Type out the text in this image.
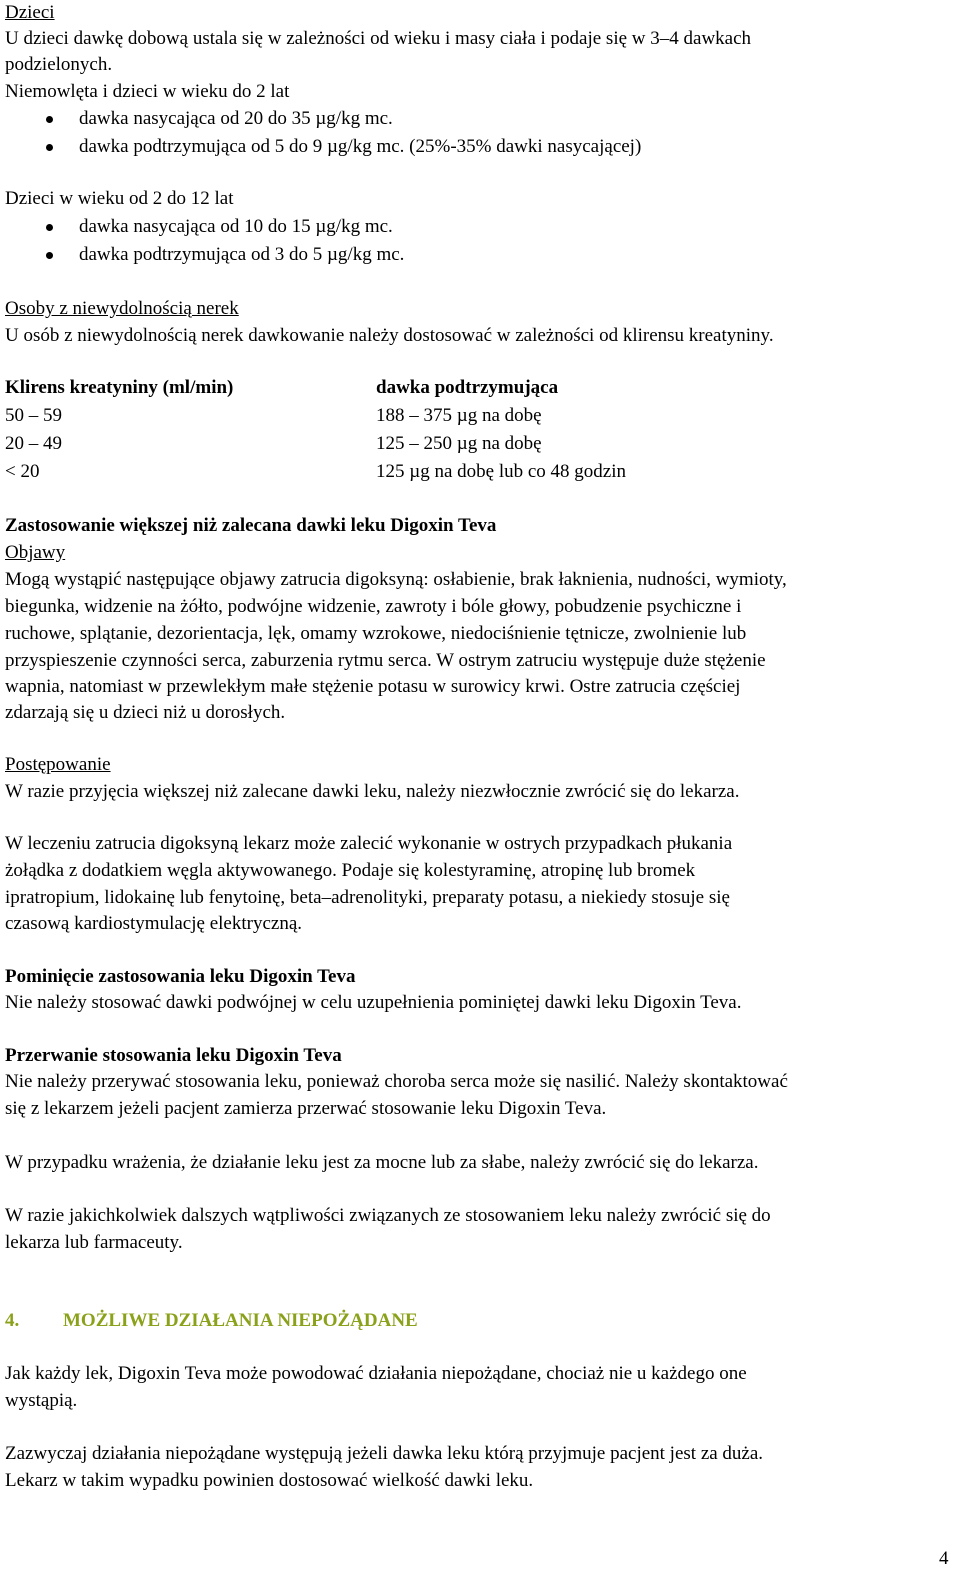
Dzieci
U dzieci dawkę dobową ustala się w zależności od wieku i masy ciała i podaje się w 3–4 dawkach
podzielonych.
Niemowlęta i dzieci w wieku do 2 lat
dawka nasycająca od 20 do 35 µg/kg mc.
dawka podtrzymująca od 5 do 9 µg/kg mc. (25%-35% dawki nasycającej)
Dzieci w wieku od 2 do 12 lat
dawka nasycająca od 10 do 15 µg/kg mc.
dawka podtrzymująca od 3 do 5 µg/kg mc.
Osoby z niewydolnością nerek
U osób z niewydolnością nerek dawkowanie należy dostosować w zależności od klirensu kreatyniny.
Klirens kreatyniny (ml/min)	dawka podtrzymująca
50 – 59	188 – 375 µg na dobę
20 – 49	125 – 250 µg na dobę
< 20	125 µg na dobę lub co 48 godzin
Zastosowanie większej niż zalecana dawki leku Digoxin Teva
Objawy
Mogą wystąpić następujące objawy zatrucia digoksyną: osłabienie, brak łaknienia, nudności, wymioty,
biegunka, widzenie na żółto, podwójne widzenie, zawroty i bóle głowy, pobudzenie psychiczne i
ruchowe, splątanie, dezorientacja, lęk, omamy wzrokowe, niedociśnienie tętnicze, zwolnienie lub
przyspieszenie czynności serca, zaburzenia rytmu serca. W ostrym zatruciu występuje duże stężenie
wapnia, natomiast w przewlekłym małe stężenie potasu w surowicy krwi. Ostre zatrucia częściej
zdarzają się u dzieci niż u dorosłych.
Postępowanie
W razie przyjęcia większej niż zalecane dawki leku, należy niezwłocznie zwrócić się do lekarza.
W leczeniu zatrucia digoksyną lekarz może zalecić wykonanie w ostrych przypadkach płukania
żołądka z dodatkiem węgla aktywowanego. Podaje się kolestyraminę, atropinę lub bromek
ipratropium, lidokainę lub fenytoinę, beta–adrenolityki, preparaty potasu, a niekiedy stosuje się
czasową kardiostymulację elektryczną.
Pominięcie zastosowania leku Digoxin Teva
Nie należy stosować dawki podwójnej w celu uzupełnienia pominiętej dawki leku Digoxin Teva.
Przerwanie stosowania leku Digoxin Teva
Nie należy przerywać stosowania leku, ponieważ choroba serca może się nasilić. Należy skontaktować
się z lekarzem jeżeli pacjent zamierza przerwać stosowanie leku Digoxin Teva.
W przypadku wrażenia, że działanie leku jest za mocne lub za słabe, należy zwrócić się do lekarza.
W razie jakichkolwiek dalszych wątpliwości związanych ze stosowaniem leku należy zwrócić się do
lekarza lub farmaceuty.
4. MOŻLIWE DZIAŁANIA NIEPOŻĄDANE
Jak każdy lek, Digoxin Teva może powodować działania niepożądane, chociaż nie u każdego one
wystąpią.
Zazwyczaj działania niepożądane występują jeżeli dawka leku którą przyjmuje pacjent jest za duża.
Lekarz w takim wypadku powinien dostosować wielkość dawki leku.
4
